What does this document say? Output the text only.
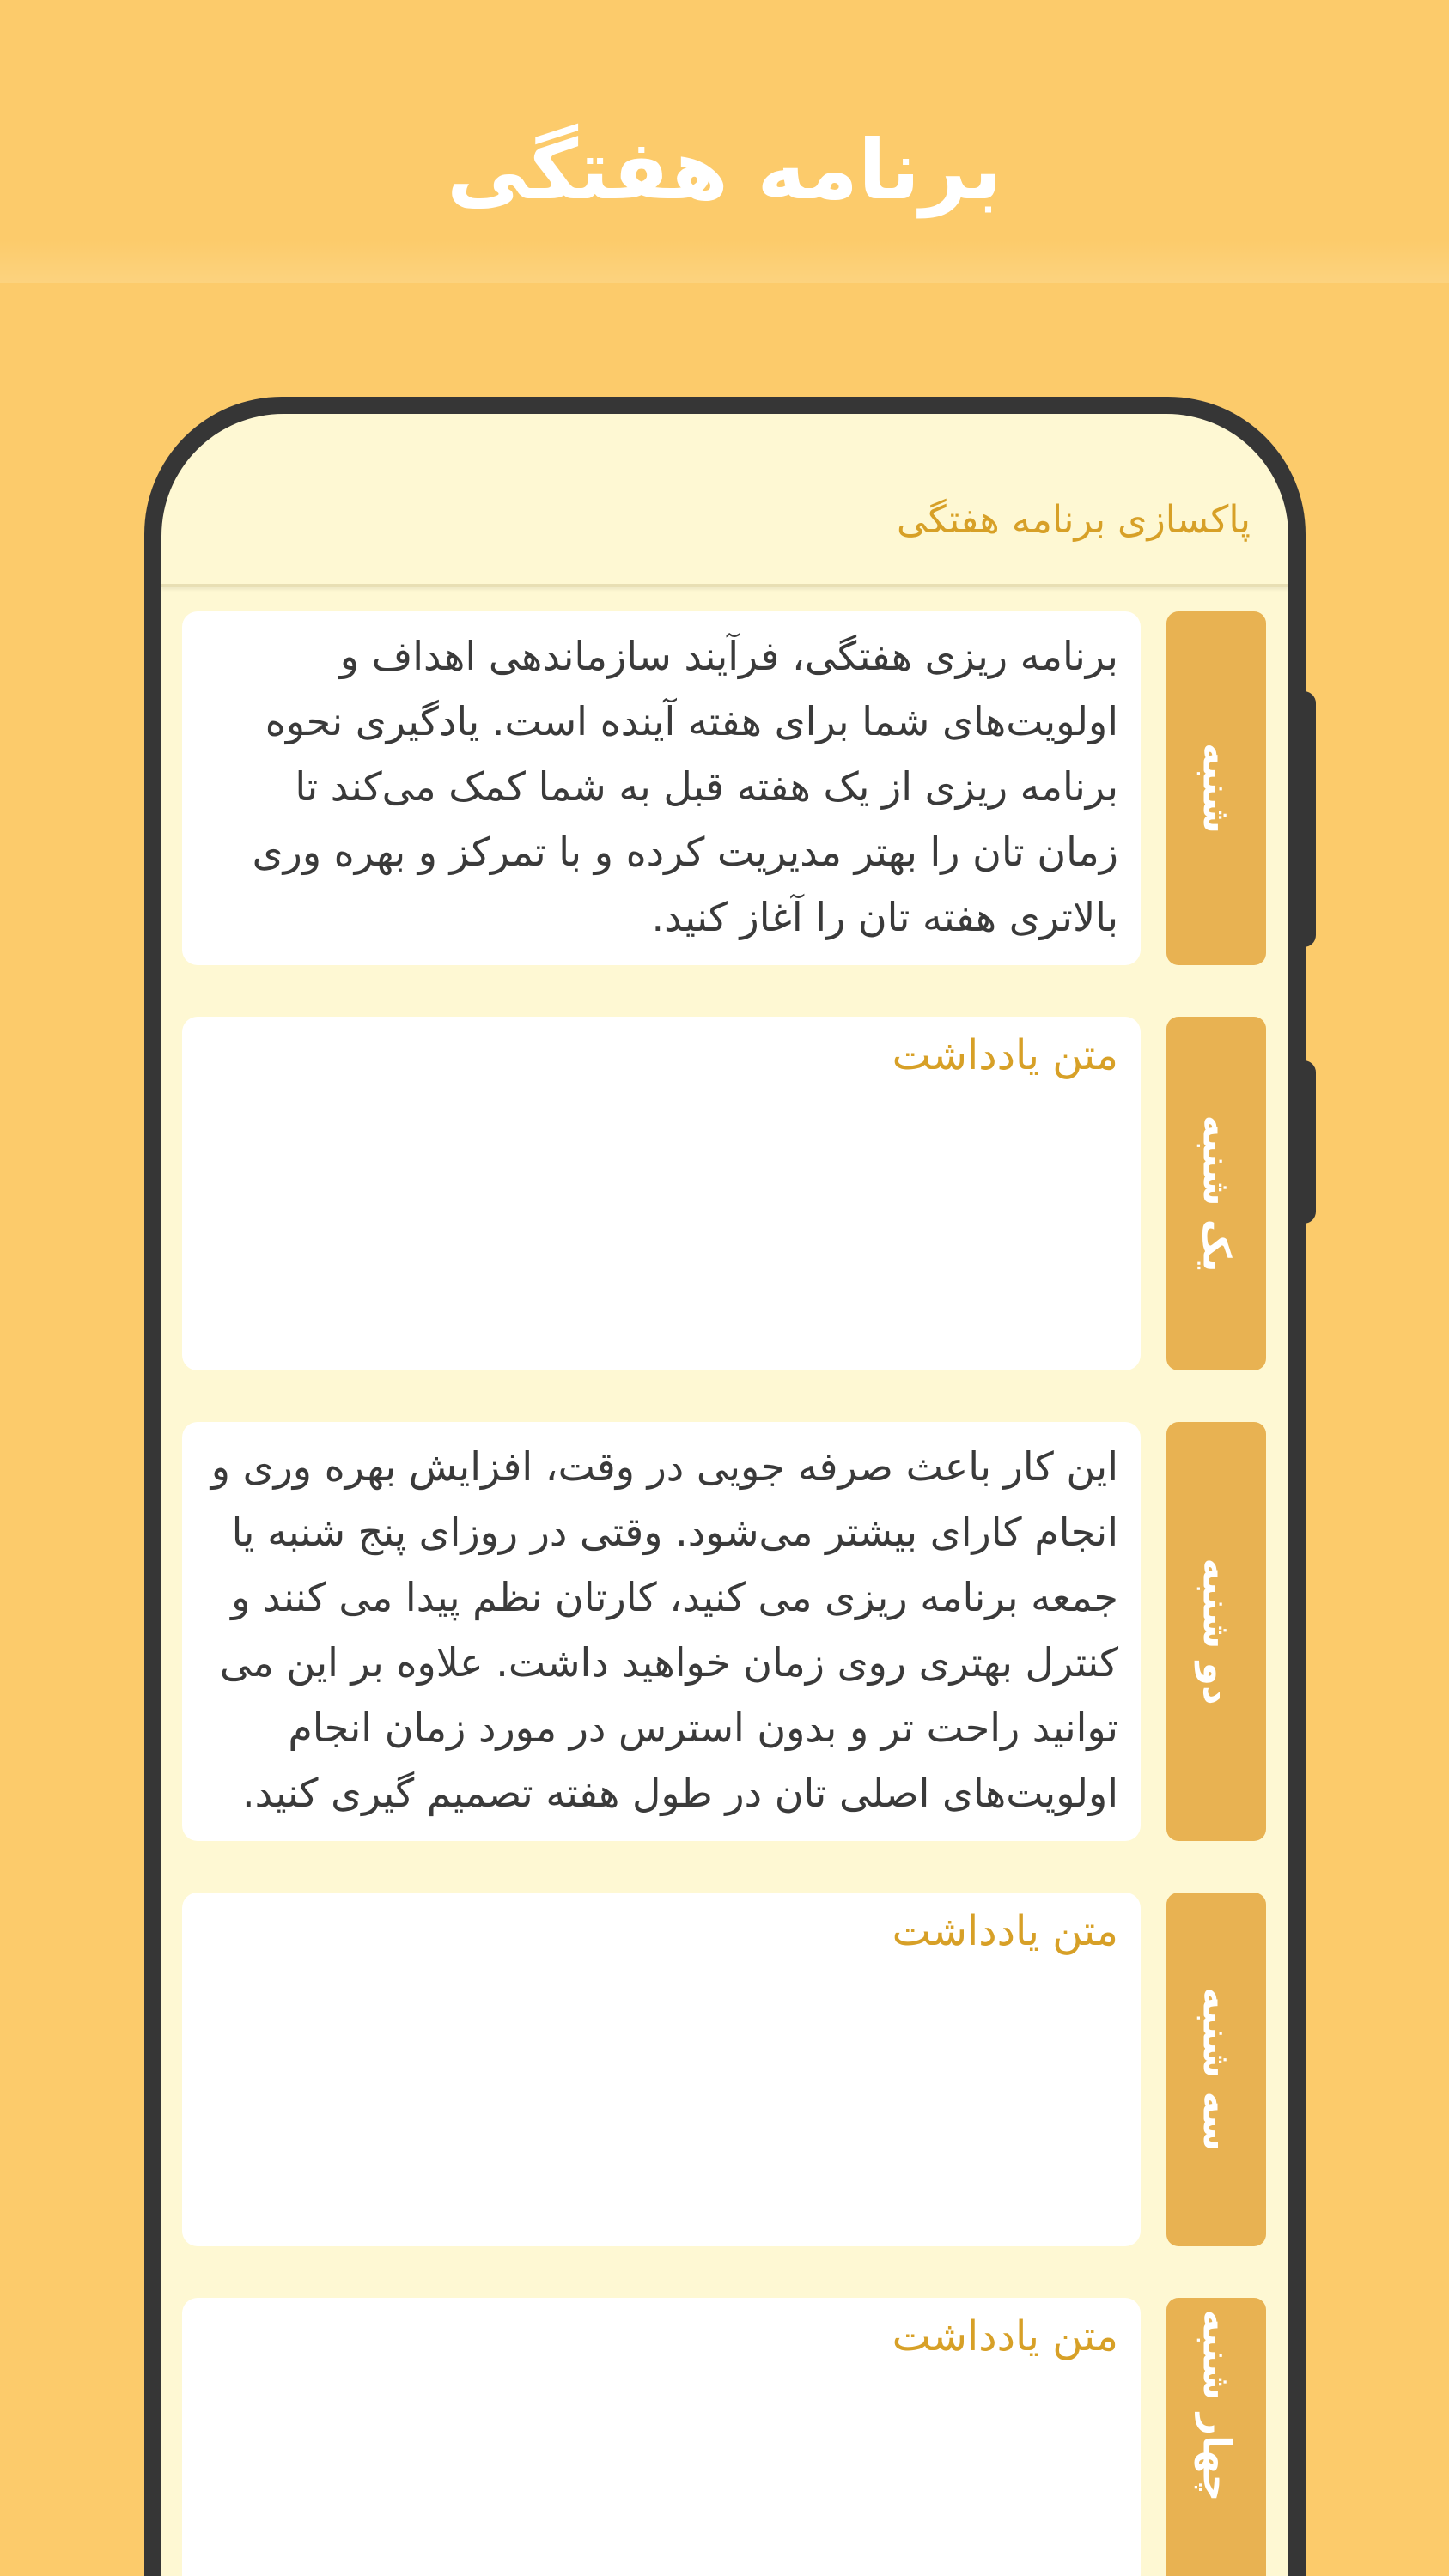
برنامه هفتگی
پاکسازی برنامه هفتگی
برنامه ریزی هفتگی، فرآیند سازماندهی اهداف و اولویت‌های شما برای هفته آینده است. یادگیری نحوه برنامه ریزی از یک هفته قبل به شما کمک می‌کند تا زمان تان را بهتر مدیریت کرده و با تمرکز و بهره وری بالاتری هفته تان را آغاز کنید.
شنبه
متن یادداشت
یک شنبه
این کار باعث صرفه جویی در وقت، افزایش بهره وری و انجام کارای بیشتر می‌شود. وقتی در روزای پنج شنبه یا جمعه برنامه ریزی می کنید، کارتان نظم پیدا می کنند و کنترل بهتری روی زمان خواهید داشت. علاوه بر این می توانید راحت تر و بدون استرس در مورد زمان انجام اولویت‌های اصلی تان در طول هفته تصمیم گیری کنید.
دو شنبه
متن یادداشت
سه شنبه
متن یادداشت	چهار شنبه
